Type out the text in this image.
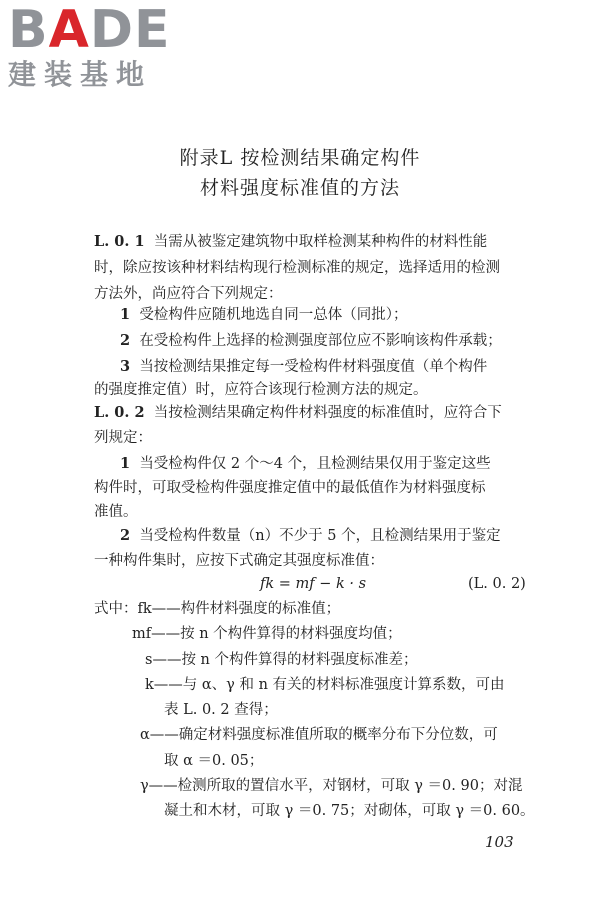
BADE
建装基地
附录L 按检测结果确定构件
材料强度标准值的方法
L. 0. 1 当需从被鉴定建筑物中取样检测某种构件的材料性能
时，除应按该种材料结构现行检测标准的规定，选择适用的检测
方法外，尚应符合下列规定：
1 受检构件应随机地选自同一总体（同批）；
2 在受检构件上选择的检测强度部位应不影响该构件承载；
3 当按检测结果推定每一受检构件材料强度值（单个构件
的强度推定值）时，应符合该现行检测方法的规定。
L. 0. 2 当按检测结果确定构件材料强度的标准值时，应符合下
列规定：
1 当受检构件仅 2 个～4 个，且检测结果仅用于鉴定这些
构件时，可取受检构件强度推定值中的最低值作为材料强度标
准值。
2 当受检构件数量（n）不少于 5 个，且检测结果用于鉴定
一种构件集时，应按下式确定其强度标准值：
fk = mf − k · s	(L. 0. 2)
式中：fk——构件材料强度的标准值；
mf——按 n 个构件算得的材料强度均值；
s——按 n 个构件算得的材料强度标准差；
k——与 α、γ 和 n 有关的材料标准强度计算系数，可由
表 L. 0. 2 查得；
α——确定材料强度标准值所取的概率分布下分位数，可
取 α ＝0. 05；
γ——检测所取的置信水平，对钢材，可取 γ ＝0. 90；对混
凝土和木材，可取 γ ＝0. 75；对砌体，可取 γ ＝0. 60。
103
